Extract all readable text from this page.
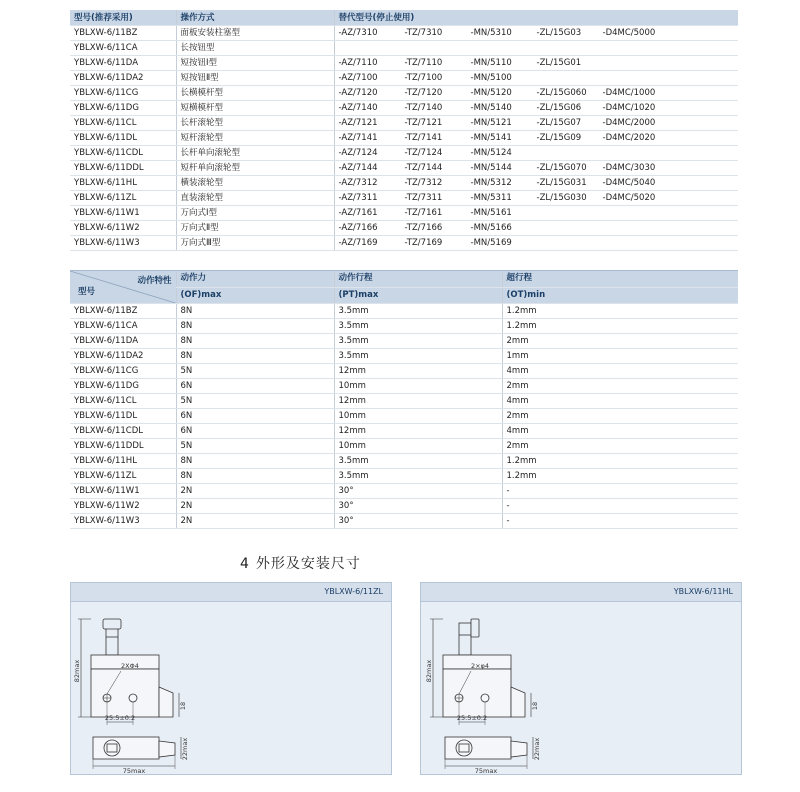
型号(推荐采用)	操作方式	替代型号(停止使用)
YBLXW-6/11BZ	面板安装柱塞型	-AZ/7310 -TZ/7310 -MN/5310 -ZL/15G03 -D4MC/5000

YBLXW-6/11CA	长按钮型	

YBLXW-6/11DA	短按钮Ⅰ型	-AZ/7110 -TZ/7110 -MN/5110 -ZL/15G01

YBLXW-6/11DA2	短按钮Ⅱ型	-AZ/7100 -TZ/7100 -MN/5100

YBLXW-6/11CG	长横模杆型	-AZ/7120 -TZ/7120 -MN/5120 -ZL/15G060 -D4MC/1000

YBLXW-6/11DG	短横模杆型	-AZ/7140 -TZ/7140 -MN/5140 -ZL/15G06 -D4MC/1020

YBLXW-6/11CL	长杆滚轮型	-AZ/7121 -TZ/7121 -MN/5121 -ZL/15G07 -D4MC/2000

YBLXW-6/11DL	短杆滚轮型	-AZ/7141 -TZ/7141 -MN/5141 -ZL/15G09 -D4MC/2020

YBLXW-6/11CDL	长杆单向滚轮型	-AZ/7124 -TZ/7124 -MN/5124

YBLXW-6/11DDL	短杆单向滚轮型	-AZ/7144 -TZ/7144 -MN/5144 -ZL/15G070 -D4MC/3030

YBLXW-6/11HL	横装滚轮型	-AZ/7312 -TZ/7312 -MN/5312 -ZL/15G031 -D4MC/5040

YBLXW-6/11ZL	直装滚轮型	-AZ/7311 -TZ/7311 -MN/5311 -ZL/15G030 -D4MC/5020

YBLXW-6/11W1	万向式Ⅰ型	-AZ/7161 -TZ/7161 -MN/5161

YBLXW-6/11W2	万向式Ⅱ型	-AZ/7166 -TZ/7166 -MN/5166

YBLXW-6/11W3	万向式Ⅲ型	-AZ/7169 -TZ/7169 -MN/5169
动作特性
型号	动作力	动作行程	超行程
	(OF)max	(PT)max	(OT)min
YBLXW-6/11BZ	8N	3.5mm	1.2mm
YBLXW-6/11CA	8N	3.5mm	1.2mm
YBLXW-6/11DA	8N	3.5mm	2mm
YBLXW-6/11DA2	8N	3.5mm	1mm
YBLXW-6/11CG	5N	12mm	4mm
YBLXW-6/11DG	6N	10mm	2mm
YBLXW-6/11CL	5N	12mm	4mm
YBLXW-6/11DL	6N	10mm	2mm
YBLXW-6/11CDL	6N	12mm	4mm
YBLXW-6/11DDL	5N	10mm	2mm
YBLXW-6/11HL	8N	3.5mm	1.2mm
YBLXW-6/11ZL	8N	3.5mm	1.2mm
YBLXW-6/11W1	2N	30°	-
YBLXW-6/11W2	2N	30°	-
YBLXW-6/11W3	2N	30°	-
4 外形及安装尺寸
YBLXW-6/11ZL
82max	2XΦ4
18
25.5±0.2
22max
75max
YBLXW-6/11HL
82max	2×φ4
18
25.5±0.2
22max
75max
